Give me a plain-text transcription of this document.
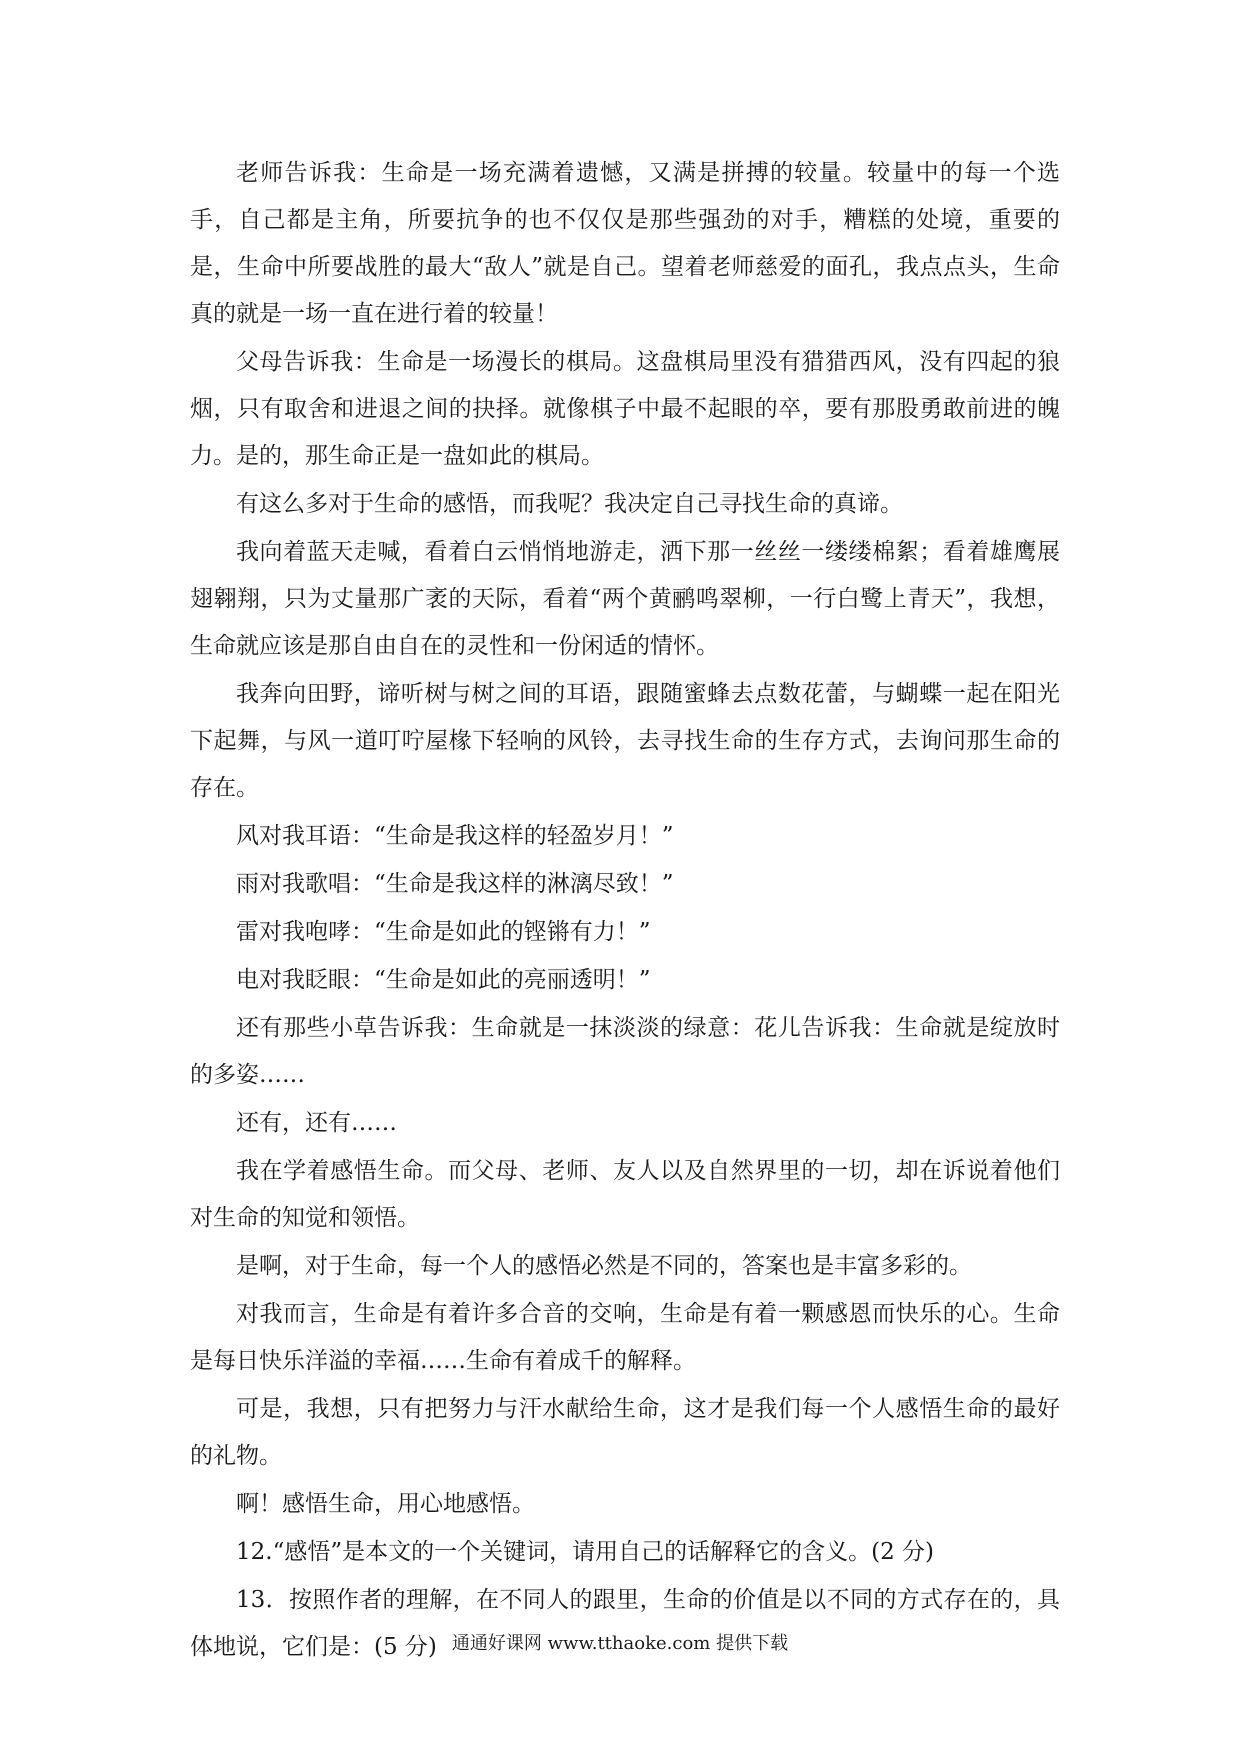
老师告诉我：生命是一场充满着遗憾，又满是拼搏的较量。较量中的每一个选手，自己都是主角，所要抗争的也不仅仅是那些强劲的对手，糟糕的处境，重要的是，生命中所要战胜的最大“敌人”就是自己。望着老师慈爱的面孔，我点点头，生命真的就是一场一直在进行着的较量！

父母告诉我：生命是一场漫长的棋局。这盘棋局里没有猎猎西风，没有四起的狼烟，只有取舍和进退之间的抉择。就像棋子中最不起眼的卒，要有那股勇敢前进的魄力。是的，那生命正是一盘如此的棋局。

有这么多对于生命的感悟，而我呢？我决定自己寻找生命的真谛。

我向着蓝天走喊，看着白云悄悄地游走，洒下那一丝丝一缕缕棉絮；看着雄鹰展翅翱翔，只为丈量那广袤的天际，看着“两个黄鹂鸣翠柳，一行白鹭上青天”，我想，生命就应该是那自由自在的灵性和一份闲适的情怀。

我奔向田野，谛听树与树之间的耳语，跟随蜜蜂去点数花蕾，与蝴蝶一起在阳光下起舞，与风一道叮咛屋椽下轻响的风铃，去寻找生命的生存方式，去询问那生命的存在。

风对我耳语：“生命是我这样的轻盈岁月！”

雨对我歌唱：“生命是我这样的淋漓尽致！”

雷对我咆哮：“生命是如此的铿锵有力！”

电对我眨眼：“生命是如此的亮丽透明！”

还有那些小草告诉我：生命就是一抹淡淡的绿意：花儿告诉我：生命就是绽放时的多姿……

还有，还有……

我在学着感悟生命。而父母、老师、友人以及自然界里的一切，却在诉说着他们对生命的知觉和领悟。

是啊，对于生命，每一个人的感悟必然是不同的，答案也是丰富多彩的。

对我而言，生命是有着许多合音的交响，生命是有着一颗感恩而快乐的心。生命是每日快乐洋溢的幸福……生命有着成千的解释。

可是，我想，只有把努力与汗水献给生命，这才是我们每一个人感悟生命的最好的礼物。

啊！感悟生命，用心地感悟。

12.“感悟”是本文的一个关键词，请用自己的话解释它的含义。(2 分)

13．按照作者的理解，在不同人的跟里，生命的价值是以不同的方式存在的，具体地说，它们是：(5 分) 通通好课网 www.tthaoke.com 提供下载
